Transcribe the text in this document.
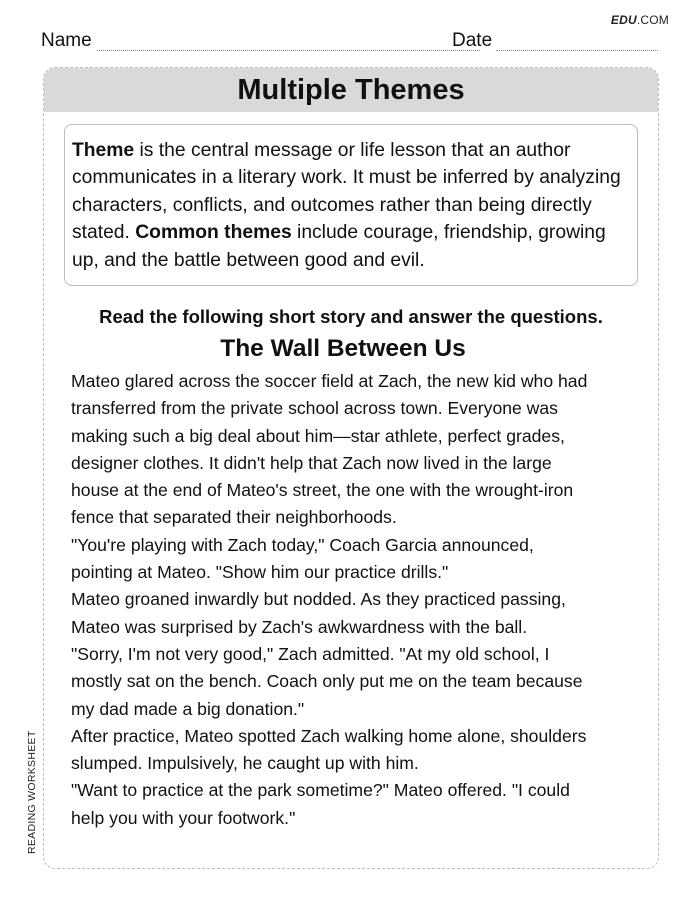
EDU.COM
Name	Date
Multiple Themes
Theme is the central message or life lesson that an author communicates in a literary work. It must be inferred by analyzing characters, conflicts, and outcomes rather than being directly stated. Common themes include courage, friendship, growing up, and the battle between good and evil.
Read the following short story and answer the questions.
The Wall Between Us

Mateo glared across the soccer field at Zach, the new kid who had

transferred from the private school across town. Everyone was

making such a big deal about him—star athlete, perfect grades,

designer clothes. It didn't help that Zach now lived in the large

house at the end of Mateo's street, the one with the wrought-iron

fence that separated their neighborhoods.

"You're playing with Zach today," Coach Garcia announced,

pointing at Mateo. "Show him our practice drills."

Mateo groaned inwardly but nodded. As they practiced passing,

Mateo was surprised by Zach's awkwardness with the ball.

"Sorry, I'm not very good," Zach admitted. "At my old school, I

mostly sat on the bench. Coach only put me on the team because

my dad made a big donation."

After practice, Mateo spotted Zach walking home alone, shoulders

slumped. Impulsively, he caught up with him.

"Want to practice at the park sometime?" Mateo offered. "I could

help you with your footwork."

READING WORKSHEET
